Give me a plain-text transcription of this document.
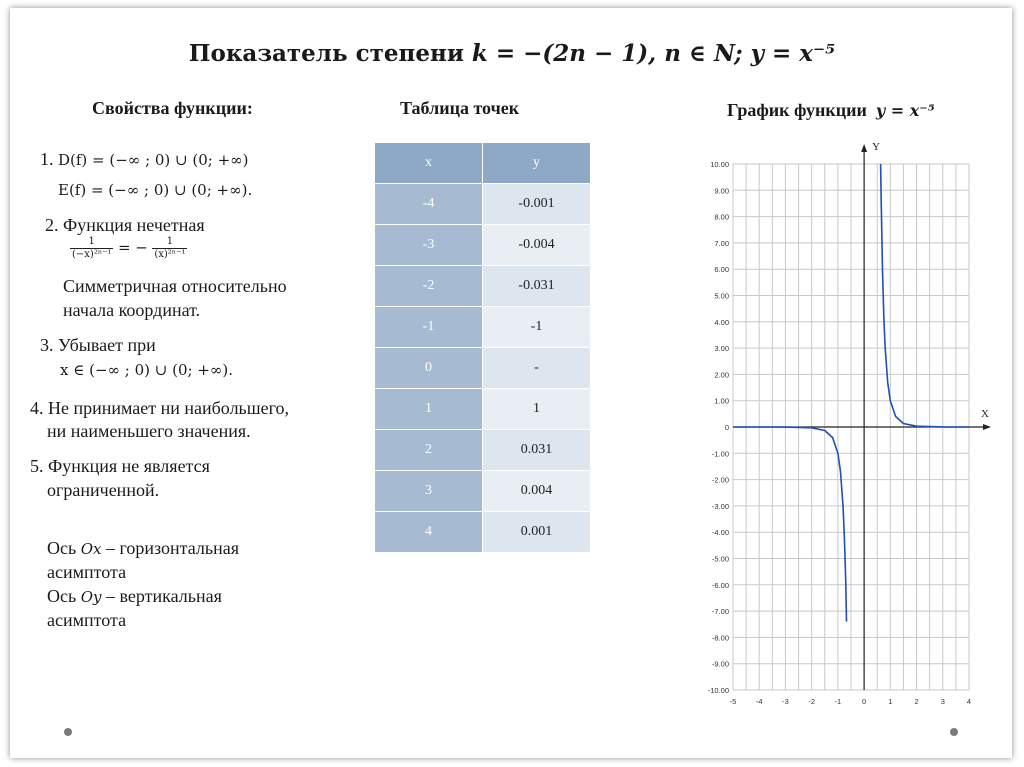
Показатель степени k = −(2n − 1), n ∈ N; y = x⁻⁵
Свойства функции:	Таблица точек	График функции y = x⁻⁵
1. D(f) = (−∞ ; 0) ∪ (0; +∞)
E(f) = (−∞ ; 0) ∪ (0; +∞).
2. Функция нечетная
$\frac{1}{\text{(−x)²ⁿ⁻¹}}$ = − $\frac{1}{\text{(x)²ⁿ⁻¹}}$
Симметричная относительно
начала координат.
3. Убывает при
x ∈ (−∞ ; 0) ∪ (0; +∞).
4. Не принимает ни наибольшего,
ни наименьшего значения.
5. Функция не является
ограниченной.
Ось Ox – горизонтальная
асимптота
Ось Oy – вертикальная
асимптота
x	y
-4	-0.001
-3	-0.004
-2	-0.031
-1	-1
0	-
1	1
2	0.031
3	0.004
4	0.001
X
Y
10.00
9.00
8.00
7.00
6.00
5.00
4.00
3.00
2.00
1.00
0
-1.00
-2.00
-3.00
-4.00
-5.00
-6.00
-7.00
-8.00
-9.00
-10.00
-5	-4	-3	-2	-1	0	1	2	3	4
